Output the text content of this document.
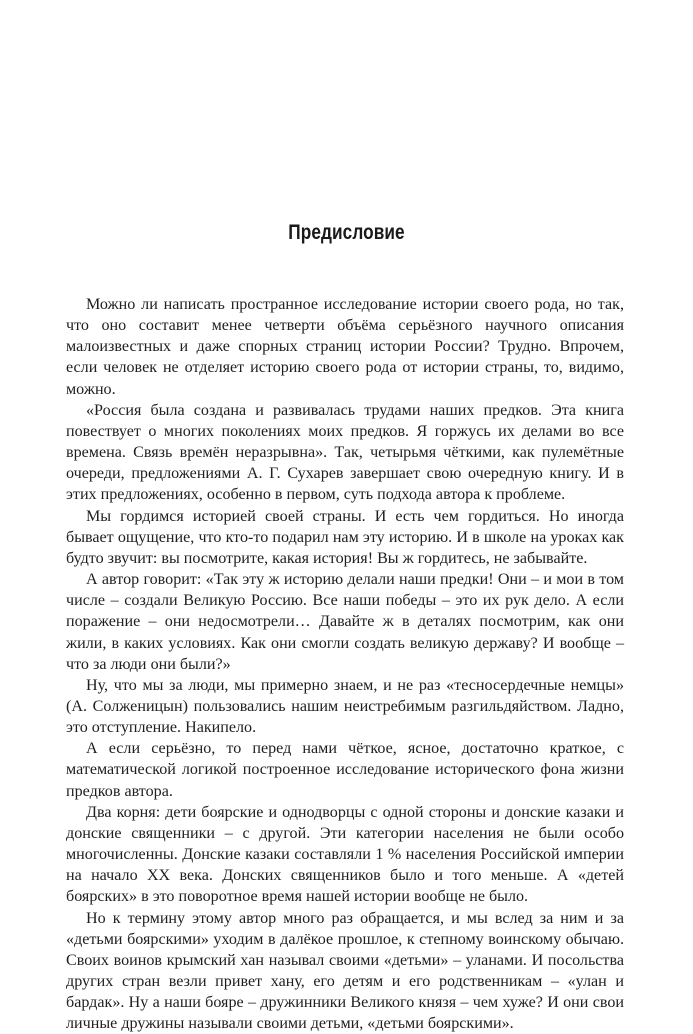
Предисловие

Можно ли написать пространное исследование истории своего рода, но так, что оно составит менее четверти объёма серьёзного научного описания малоизвестных и даже спорных страниц истории России? Трудно. Впрочем, если человек не отделяет историю своего рода от истории страны, то, видимо, можно.

«Россия была создана и развивалась трудами наших предков. Эта книга повествует о многих поколениях моих предков. Я горжусь их делами во все времена. Связь времён неразрывна». Так, четырьмя чёткими, как пулемётные очереди, предложениями А. Г. Сухарев завершает свою очередную книгу. И в этих предложениях, особенно в первом, суть подхода автора к проблеме.

Мы гордимся историей своей страны. И есть чем гордиться. Но иногда бывает ощущение, что кто-то подарил нам эту историю. И в школе на уроках как будто звучит: вы посмотрите, какая история! Вы ж гордитесь, не забывайте.

А автор говорит: «Так эту ж историю делали наши предки! Они – и мои в том числе – создали Великую Россию. Все наши победы – это их рук дело. А если поражение – они недосмотрели… Давайте ж в деталях посмотрим, как они жили, в каких условиях. Как они смогли создать великую державу? И вообще – что за люди они были?»

Ну, что мы за люди, мы примерно знаем, и не раз «тесносердечные немцы» (А. Солженицын) пользовались нашим неистребимым разгильдяйством. Ладно, это отступление. Накипело.

А если серьёзно, то перед нами чёткое, ясное, достаточно краткое, с математической логикой построенное исследование исторического фона жизни предков автора.

Два корня: дети боярские и однодворцы с одной стороны и донские казаки и донские священники – с другой. Эти категории населения не были особо многочисленны. Донские казаки составляли 1 % населения Российской империи на начало XX века. Донских священников было и того меньше. А «детей боярских» в это поворотное время нашей истории вообще не было.

Но к термину этому автор много раз обращается, и мы вслед за ним и за «детьми боярскими» уходим в далёкое прошлое, к степному воинскому обычаю. Своих воинов крымский хан называл своими «детьми» – уланами. И посольства других стран везли привет хану, его детям и его родственникам – «улан и бардак». Ну а наши бояре – дружинники Великого князя – чем хуже? И они свои личные дружины называли своими детьми, «детьми боярскими».
